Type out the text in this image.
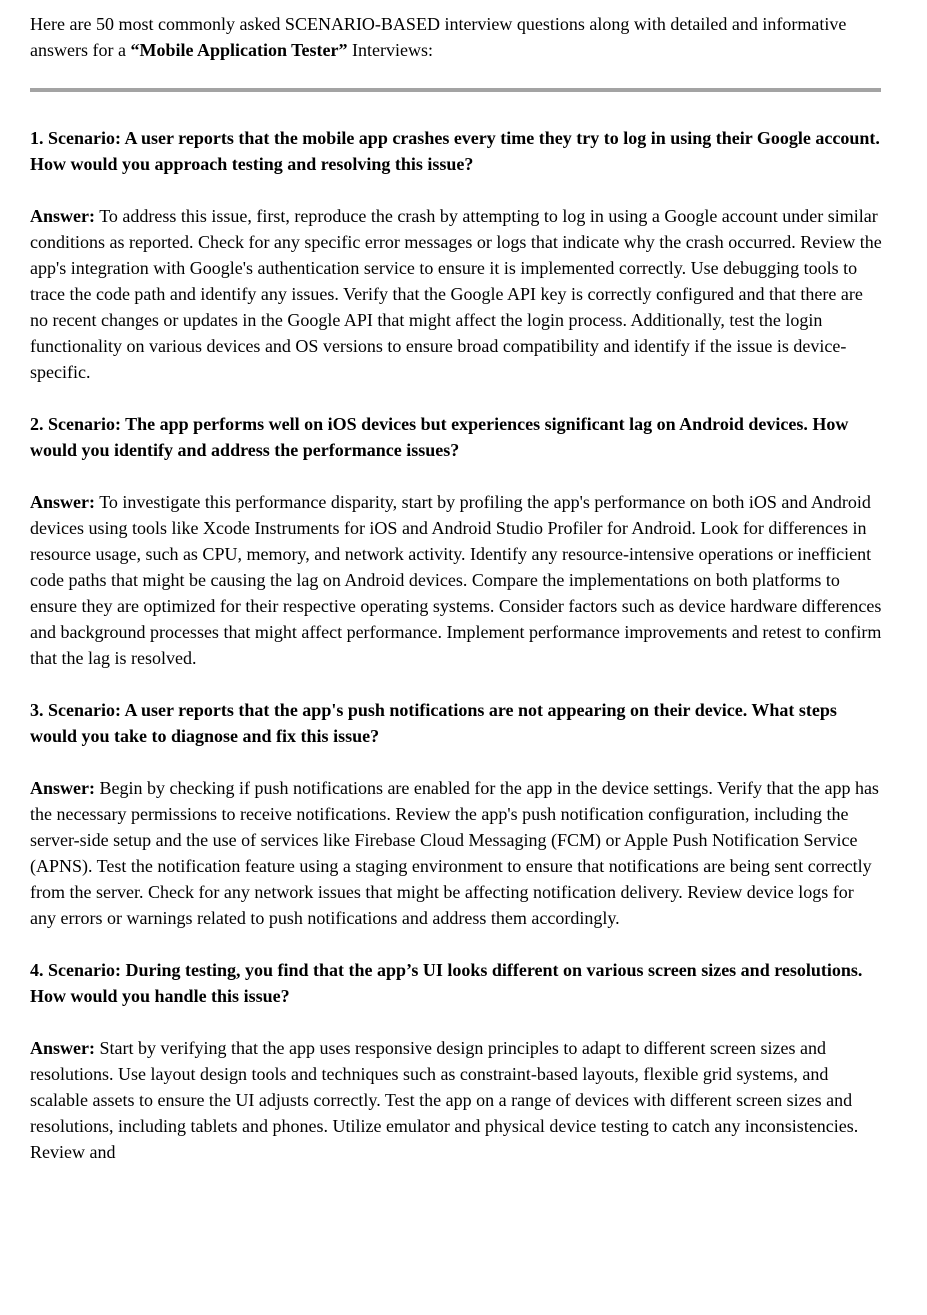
Here are 50 most commonly asked SCENARIO-BASED interview questions along with detailed and informative answers for a “Mobile Application Tester” Interviews:

1. Scenario: A user reports that the mobile app crashes every time they try to log in using their Google account. How would you approach testing and resolving this issue?

Answer: To address this issue, first, reproduce the crash by attempting to log in using a Google account under similar conditions as reported. Check for any specific error messages or logs that indicate why the crash occurred. Review the app's integration with Google's authentication service to ensure it is implemented correctly. Use debugging tools to trace the code path and identify any issues. Verify that the Google API key is correctly configured and that there are no recent changes or updates in the Google API that might affect the login process. Additionally, test the login functionality on various devices and OS versions to ensure broad compatibility and identify if the issue is device-specific.

2. Scenario: The app performs well on iOS devices but experiences significant lag on Android devices. How would you identify and address the performance issues?

Answer: To investigate this performance disparity, start by profiling the app's performance on both iOS and Android devices using tools like Xcode Instruments for iOS and Android Studio Profiler for Android. Look for differences in resource usage, such as CPU, memory, and network activity. Identify any resource-intensive operations or inefficient code paths that might be causing the lag on Android devices. Compare the implementations on both platforms to ensure they are optimized for their respective operating systems. Consider factors such as device hardware differences and background processes that might affect performance. Implement performance improvements and retest to confirm that the lag is resolved.

3. Scenario: A user reports that the app's push notifications are not appearing on their device. What steps would you take to diagnose and fix this issue?

Answer: Begin by checking if push notifications are enabled for the app in the device settings. Verify that the app has the necessary permissions to receive notifications. Review the app's push notification configuration, including the server-side setup and the use of services like Firebase Cloud Messaging (FCM) or Apple Push Notification Service (APNS). Test the notification feature using a staging environment to ensure that notifications are being sent correctly from the server. Check for any network issues that might be affecting notification delivery. Review device logs for any errors or warnings related to push notifications and address them accordingly.

4. Scenario: During testing, you find that the app’s UI looks different on various screen sizes and resolutions. How would you handle this issue?

Answer: Start by verifying that the app uses responsive design principles to adapt to different screen sizes and resolutions. Use layout design tools and techniques such as constraint-based layouts, flexible grid systems, and scalable assets to ensure the UI adjusts correctly. Test the app on a range of devices with different screen sizes and resolutions, including tablets and phones. Utilize emulator and physical device testing to catch any inconsistencies. Review and
